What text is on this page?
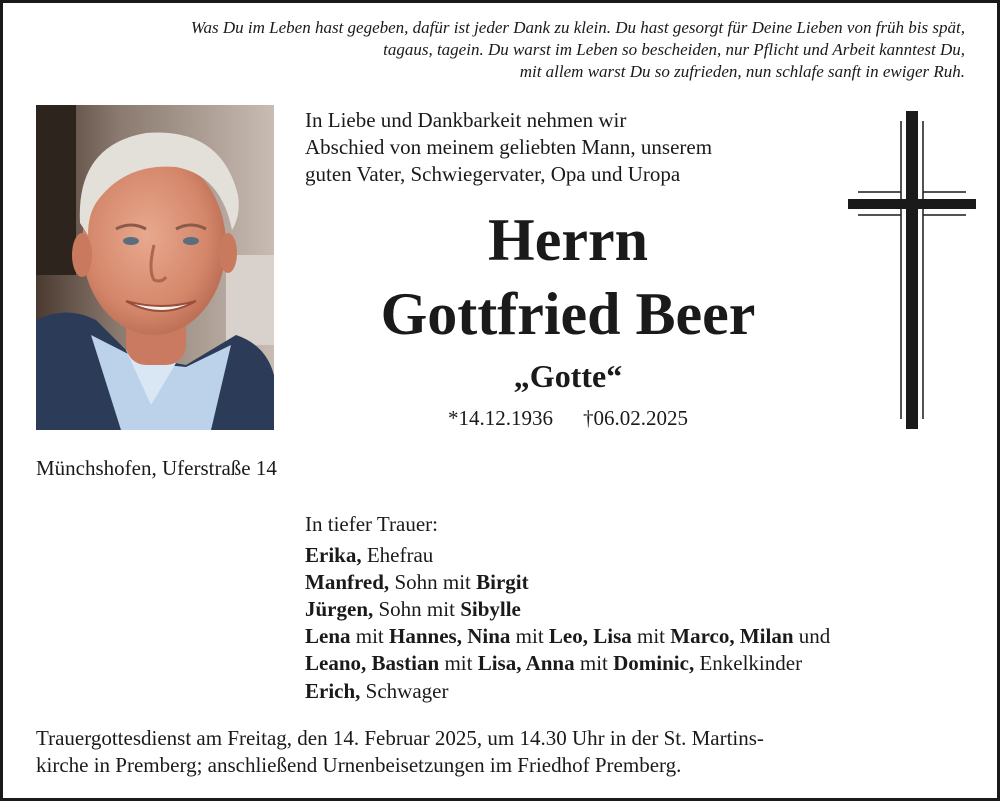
Was Du im Leben hast gegeben, dafür ist jeder Dank zu klein. Du hast gesorgt für Deine Lieben von früh bis spät,
tagaus, tagein. Du warst im Leben so bescheiden, nur Pflicht und Arbeit kanntest Du,
mit allem warst Du so zufrieden, nun schlafe sanft in ewiger Ruh.
In Liebe und Dankbarkeit nehmen wir
Abschied von meinem geliebten Mann, unserem
guten Vater, Schwiegervater, Opa und Uropa
Herrn
Gottfried Beer
„Gotte“
*14.12.1936 †06.02.2025
Münchshofen, Uferstraße 14
In tiefer Trauer:
Erika, Ehefrau
Manfred, Sohn mit Birgit
Jürgen, Sohn mit Sibylle
Lena mit Hannes, Nina mit Leo, Lisa mit Marco, Milan und
Leano, Bastian mit Lisa, Anna mit Dominic, Enkelkinder
Erich, Schwager
Trauergottesdienst am Freitag, den 14. Februar 2025, um 14.30 Uhr in der St. Martins-
kirche in Premberg; anschließend Urnenbeisetzungen im Friedhof Premberg.
